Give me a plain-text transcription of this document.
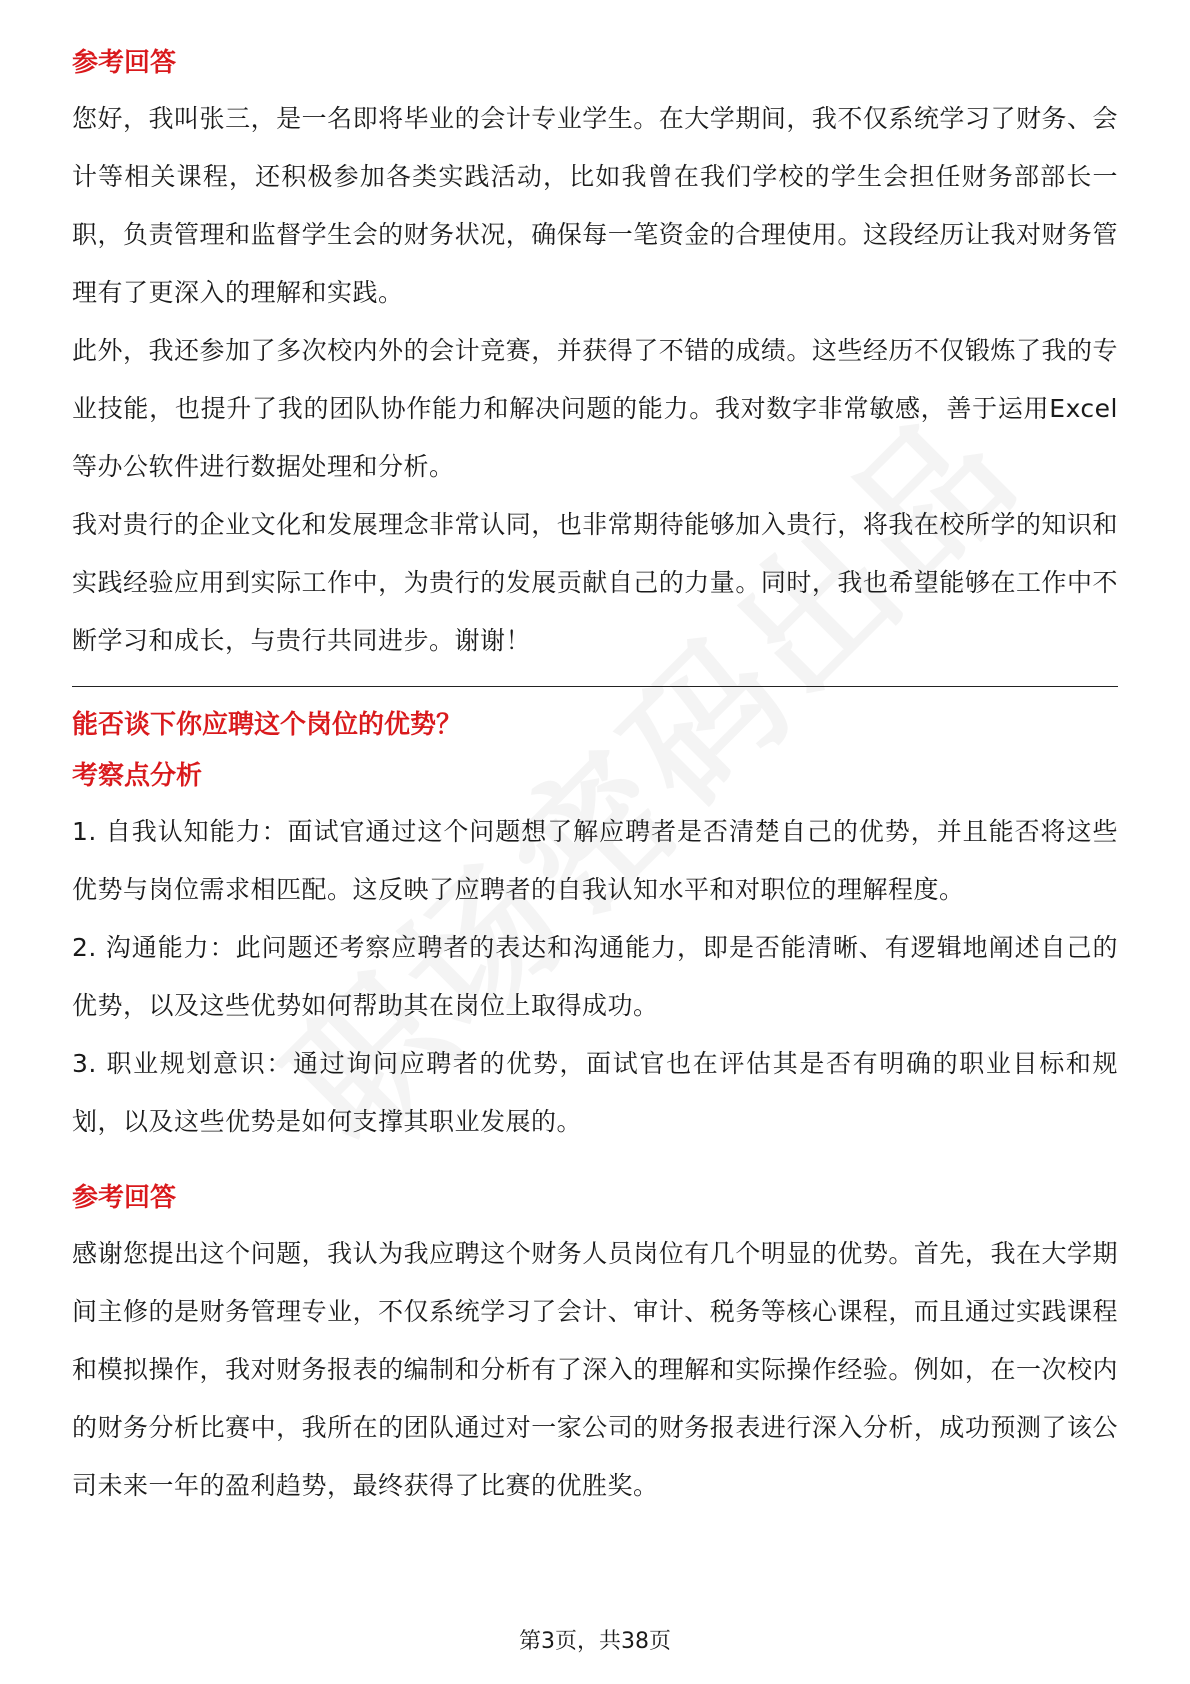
参考回答

您好，我叫张三，是一名即将毕业的会计专业学生。在大学期间，我不仅系统学习了财务、会计等相关课程，还积极参加各类实践活动，比如我曾在我们学校的学生会担任财务部部长一职，负责管理和监督学生会的财务状况，确保每一笔资金的合理使用。这段经历让我对财务管理有了更深入的理解和实践。

此外，我还参加了多次校内外的会计竞赛，并获得了不错的成绩。这些经历不仅锻炼了我的专业技能，也提升了我的团队协作能力和解决问题的能力。我对数字非常敏感，善于运用Excel等办公软件进行数据处理和分析。

我对贵行的企业文化和发展理念非常认同，也非常期待能够加入贵行，将我在校所学的知识和实践经验应用到实际工作中，为贵行的发展贡献自己的力量。同时，我也希望能够在工作中不断学习和成长，与贵行共同进步。谢谢！

能否谈下你应聘这个岗位的优势？
考察点分析

1. 自我认知能力：面试官通过这个问题想了解应聘者是否清楚自己的优势，并且能否将这些优势与岗位需求相匹配。这反映了应聘者的自我认知水平和对职位的理解程度。

2. 沟通能力：此问题还考察应聘者的表达和沟通能力，即是否能清晰、有逻辑地阐述自己的优势，以及这些优势如何帮助其在岗位上取得成功。

3. 职业规划意识：通过询问应聘者的优势，面试官也在评估其是否有明确的职业目标和规划，以及这些优势是如何支撑其职业发展的。

参考回答

感谢您提出这个问题，我认为我应聘这个财务人员岗位有几个明显的优势。首先，我在大学期间主修的是财务管理专业，不仅系统学习了会计、审计、税务等核心课程，而且通过实践课程和模拟操作，我对财务报表的编制和分析有了深入的理解和实际操作经验。例如，在一次校内的财务分析比赛中，我所在的团队通过对一家公司的财务报表进行深入分析，成功预测了该公司未来一年的盈利趋势，最终获得了比赛的优胜奖。

第3页，共38页
